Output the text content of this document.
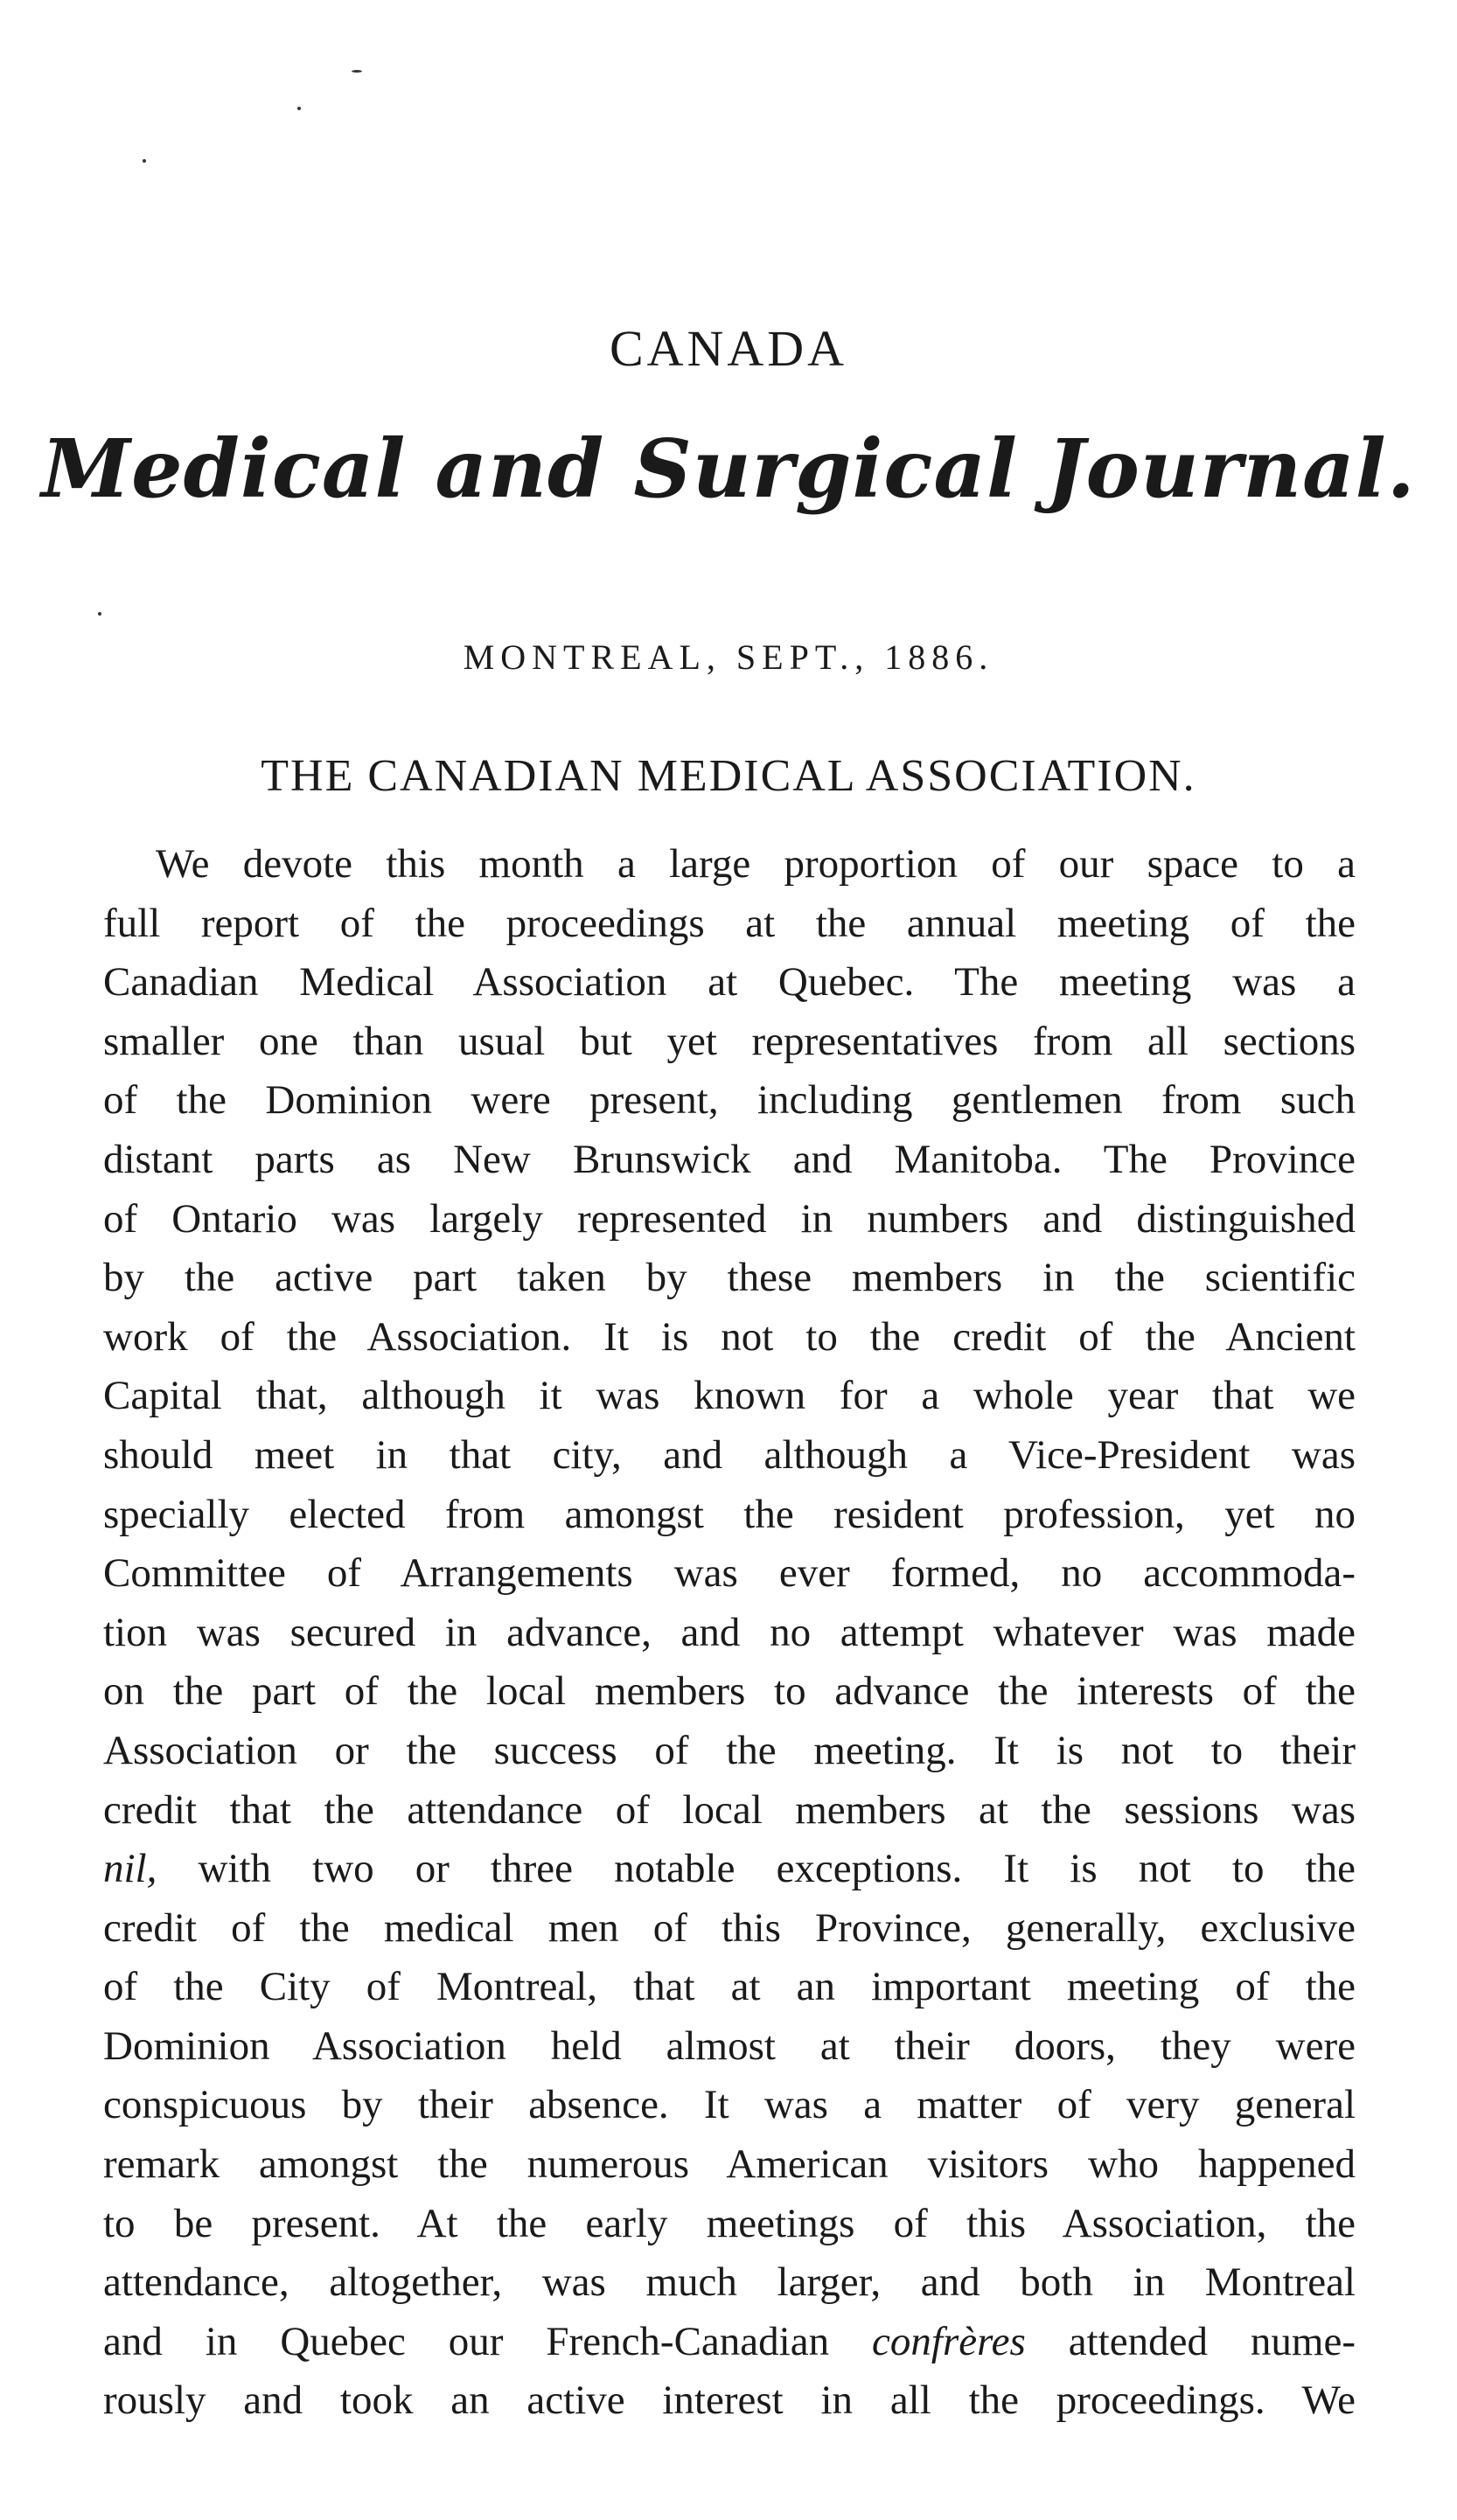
CANADA
Medical and Surgical Journal.
MONTREAL, SEPT., 1886.
THE CANADIAN MEDICAL ASSOCIATION.
We devote this month a large proportion of our space to a
full report of the proceedings at the annual meeting of the
Canadian Medical Association at Quebec. The meeting was a
smaller one than usual but yet representatives from all sections
of the Dominion were present, including gentlemen from such
distant parts as New Brunswick and Manitoba. The Province
of Ontario was largely represented in numbers and distinguished
by the active part taken by these members in the scientific
work of the Association. It is not to the credit of the Ancient
Capital that, although it was known for a whole year that we
should meet in that city, and although a Vice-President was
specially elected from amongst the resident profession, yet no
Committee of Arrangements was ever formed, no accommoda-
tion was secured in advance, and no attempt whatever was made
on the part of the local members to advance the interests of the
Association or the success of the meeting. It is not to their
credit that the attendance of local members at the sessions was
nil, with two or three notable exceptions. It is not to the
credit of the medical men of this Province, generally, exclusive
of the City of Montreal, that at an important meeting of the
Dominion Association held almost at their doors, they were
conspicuous by their absence. It was a matter of very general
remark amongst the numerous American visitors who happened
to be present. At the early meetings of this Association, the
attendance, altogether, was much larger, and both in Montreal
and in Quebec our French-Canadian confrères attended nume-
rously and took an active interest in all the proceedings. We
